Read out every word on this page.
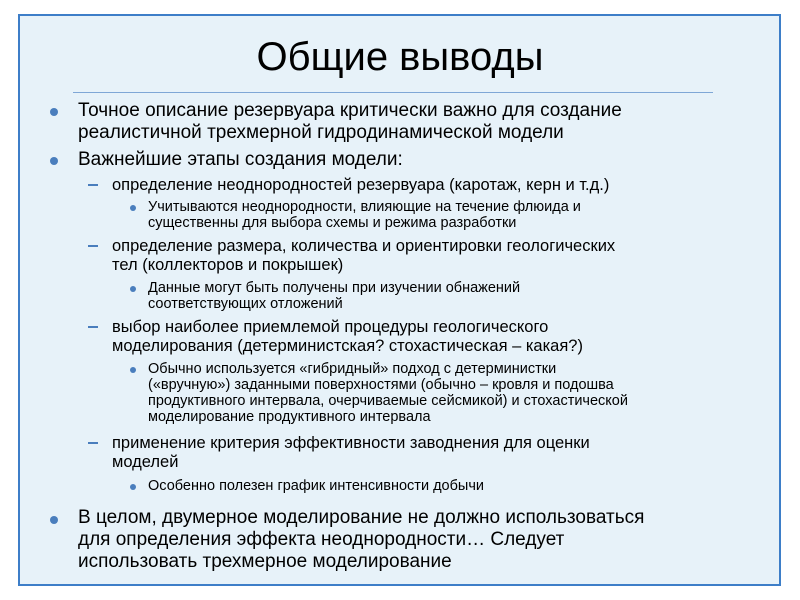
Общие выводы
Точное описание резервуара критически важно для создание
реалистичной трехмерной гидродинамической модели
Важнейшие этапы создания модели:
определение неоднородностей резервуара (каротаж, керн и т.д.)
Учитываются неоднородности, влияющие на течение флюида и
существенны для выбора схемы и режима разработки
определение размера, количества и ориентировки геологических
тел (коллекторов и покрышек)
Данные могут быть получены при изучении обнажений
соответствующих отложений
выбор наиболее приемлемой процедуры геологического
моделирования (детерминистская? стохастическая – какая?)
Обычно используется «гибридный» подход с детерминистки
(«вручную») заданными поверхностями (обычно – кровля и подошва
продуктивного интервала, очерчиваемые сейсмикой) и стохастической
моделирование продуктивного интервала
применение критерия эффективности заводнения для оценки
моделей
Особенно полезен график интенсивности добычи
В целом, двумерное моделирование не должно использоваться
для определения эффекта неоднородности… Следует
использовать трехмерное моделирование
